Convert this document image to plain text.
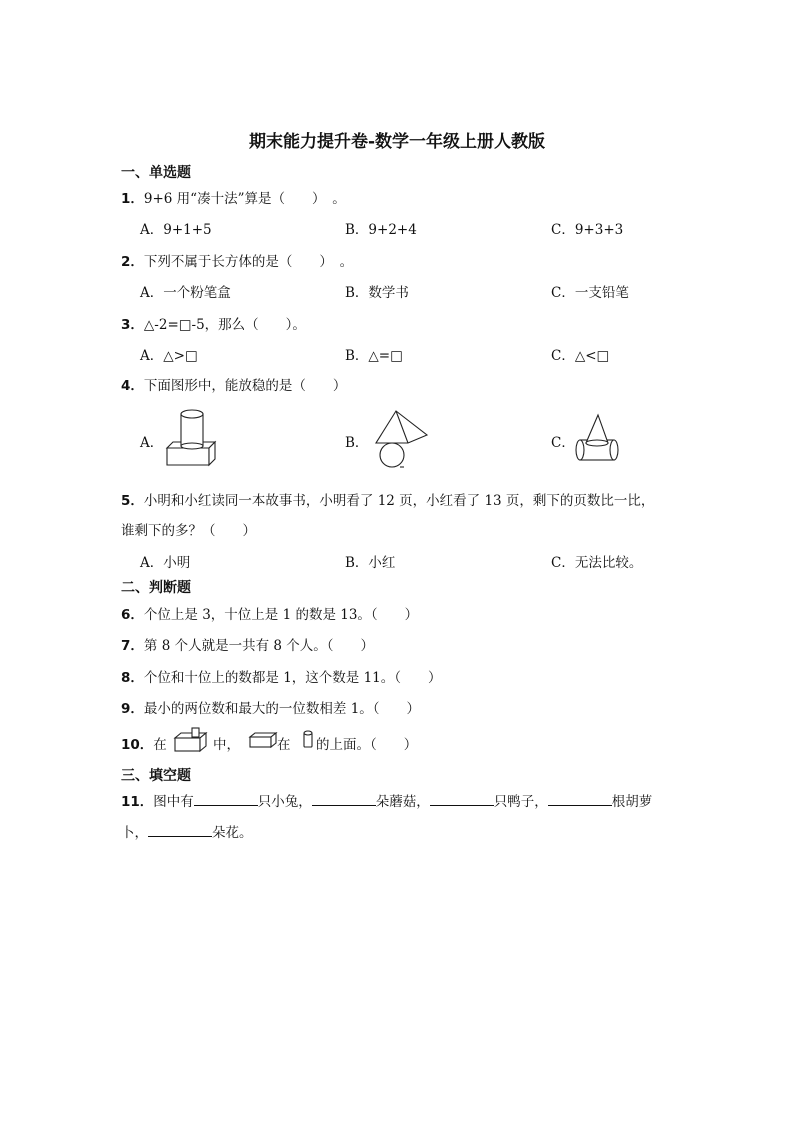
期末能力提升卷-数学一年级上册人教版
一、单选题
1．9+6 用“凑十法”算是（　　）　。
A．9+1+5	B．9+2+4	C．9+3+3
2．下列不属于长方体的是（　　）　。
A．一个粉笔盒	B．数学书	C．一支铅笔
3．△-2=□-5，那么（　　）。
A．△>□	B．△=□	C．△<□
4．下面图形中，能放稳的是（　　）
A．	B．	C．
5．小明和小红读同一本故事书，小明看了 12 页，小红看了 13 页，剩下的页数比一比，
谁剩下的多？（　　）
A．小明	B．小红	C．无法比较。
二、判断题
6．个位上是 3，十位上是 1 的数是 13。（　　）
7．第 8 个人就是一共有 8 个人。（　　）
8．个位和十位上的数都是 1，这个数是 11。（　　）
9．最小的两位数和最大的一位数相差 1。（　　）
10．在	中，	在 的上面。（　　）
三、填空题
11．图中有	只小兔，	朵蘑菇，	只鸭子，	根胡萝
卜，	朵花。
